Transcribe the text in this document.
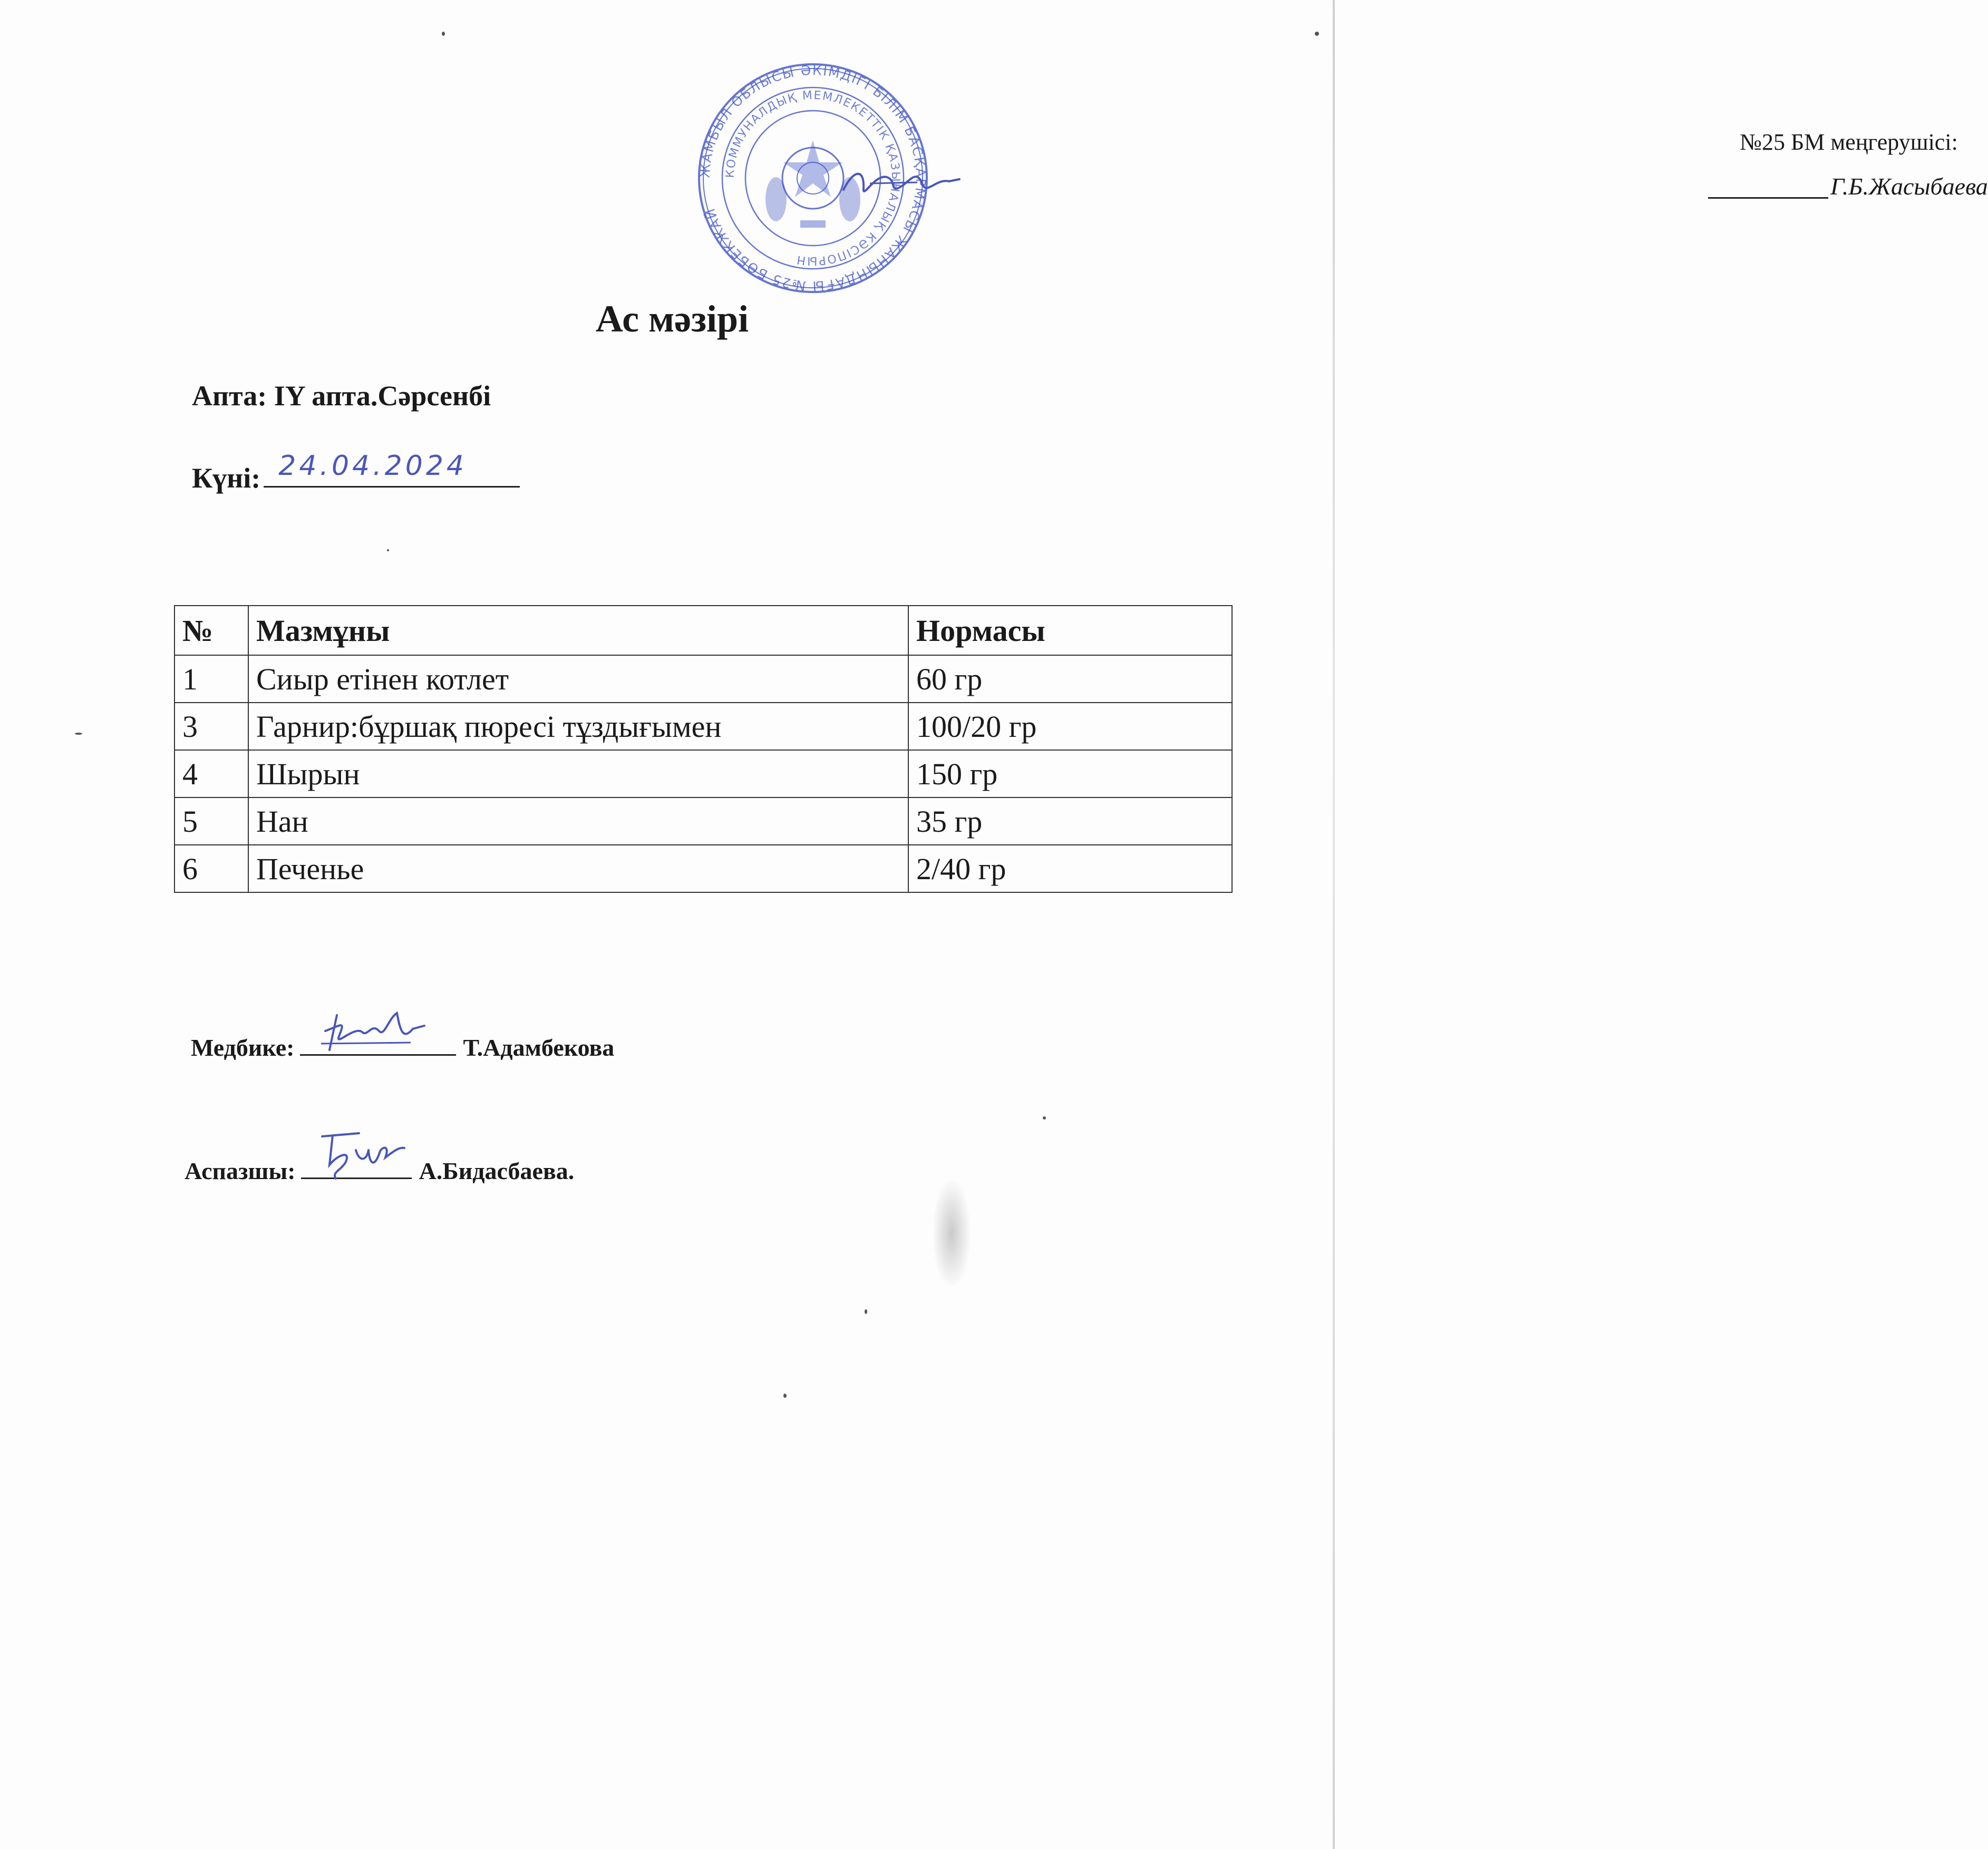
ЖАМБЫЛ ОБЛЫСЫ ӘКІМДІГІ БІЛІМ БАСҚАРМАСЫ ЖАНЫНДАҒЫ №25 БӨБЕКЖАЙ
КОММУНАЛДЫҚ МЕМЛЕКЕТТІК ҚАЗЫНАЛЫҚ КӘСІПОРЫН
№25 БМ меңгерушісі:
Г.Б.Жасыбаева
Ас мәзірі
Апта: IY апта.Сәрсенбі
Күні: 24.04.2024
№	Мазмұны	Нормасы
1	Сиыр етінен котлет	60 гр
3	Гарнир:бұршақ пюресі тұздығымен	100/20 гр
4	Шырын	150 гр
5	Нан	35 гр
6	Печенье	2/40 гр
Медбике:	Т.Адамбекова
Аспазшы:	А.Бидасбаева.
